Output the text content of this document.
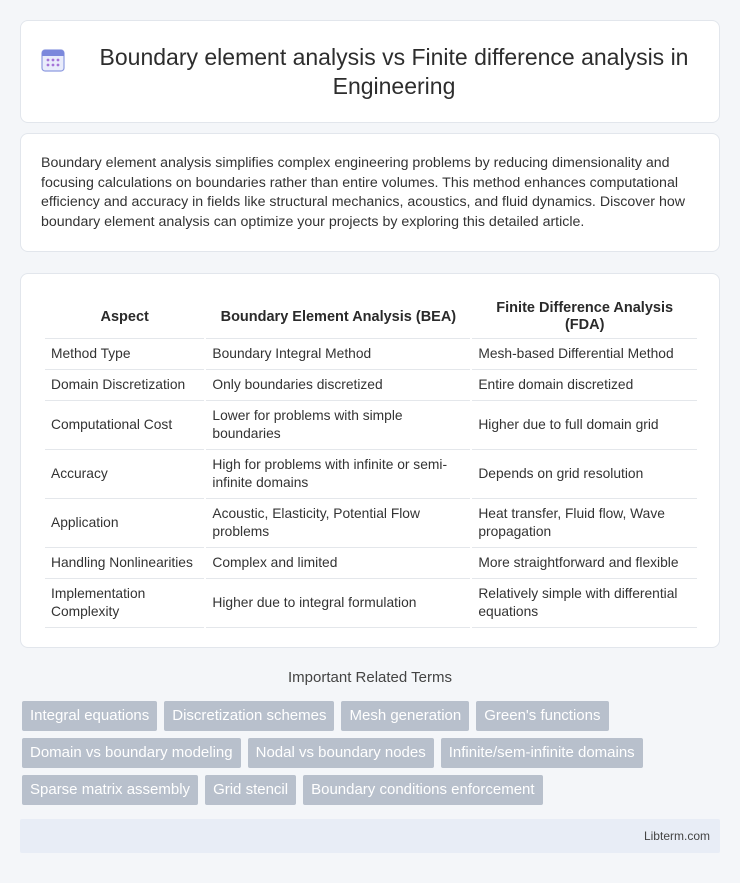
Boundary element analysis vs Finite difference analysis in Engineering

Boundary element analysis simplifies complex engineering problems by reducing dimensionality and focusing calculations on boundaries rather than entire volumes. This method enhances computational efficiency and accuracy in fields like structural mechanics, acoustics, and fluid dynamics. Discover how boundary element analysis can optimize your projects by exploring this detailed article.

Aspect	Boundary Element Analysis (BEA)	Finite Difference Analysis (FDA)
Method Type	Boundary Integral Method	Mesh-based Differential Method
Domain Discretization	Only boundaries discretized	Entire domain discretized
Computational Cost	Lower for problems with simple boundaries	Higher due to full domain grid
Accuracy	High for problems with infinite or semi-infinite domains	Depends on grid resolution
Application	Acoustic, Elasticity, Potential Flow problems	Heat transfer, Fluid flow, Wave propagation
Handling Nonlinearities	Complex and limited	More straightforward and flexible
Implementation Complexity	Higher due to integral formulation	Relatively simple with differential equations
Important Related Terms
Integral equations	Discretization schemes	Mesh generation	Green's functions
Domain vs boundary modeling	Nodal vs boundary nodes	Infinite/sem-infinite domains
Sparse matrix assembly	Grid stencil	Boundary conditions enforcement
Libterm.com
